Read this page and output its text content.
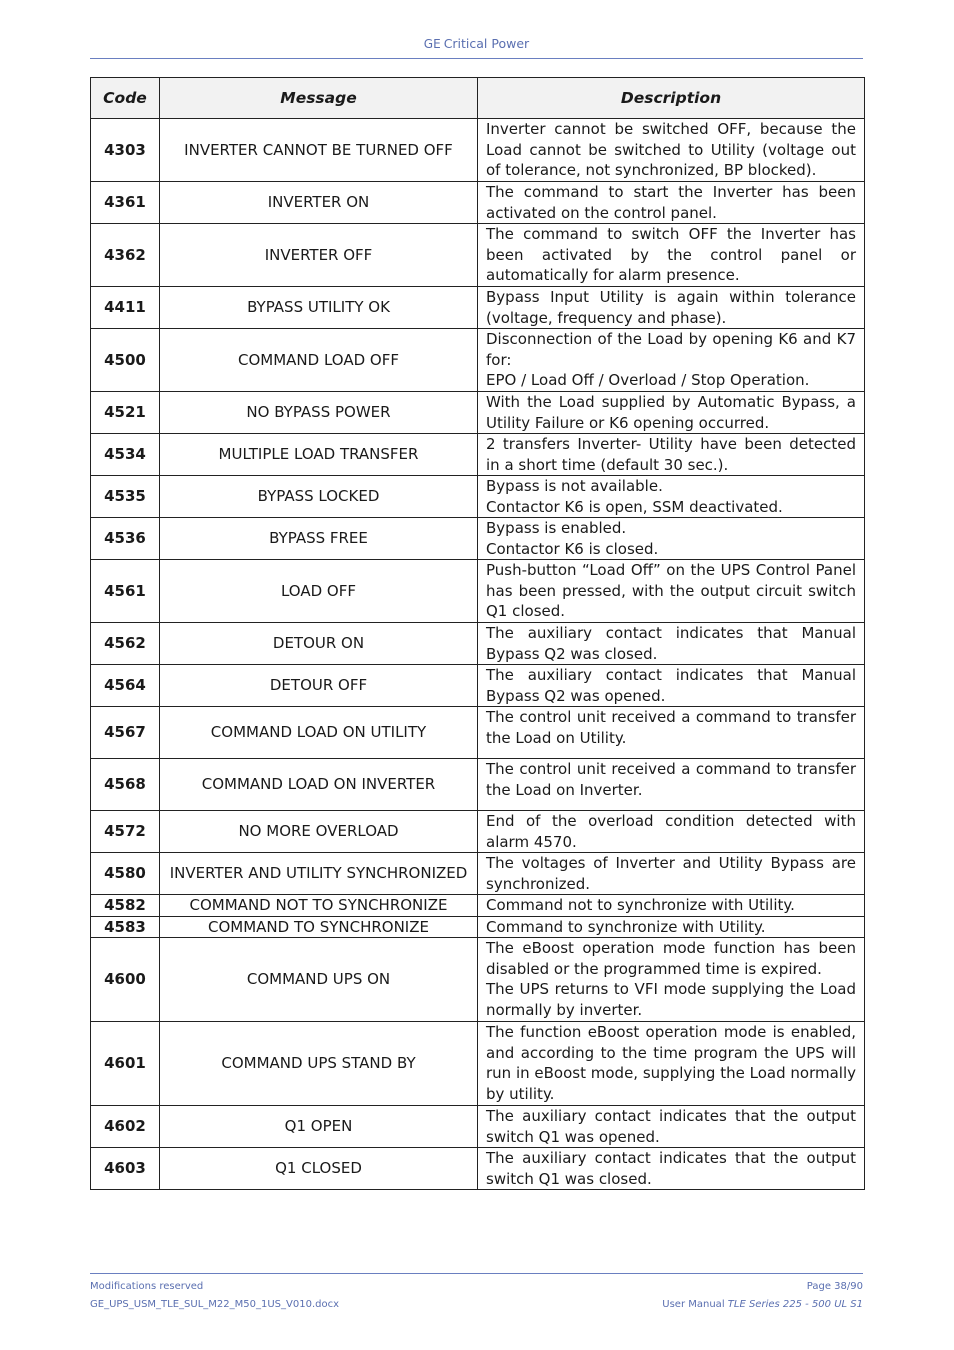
GE Critical Power
Code	Message	Description
4303	INVERTER CANNOT BE TURNED OFF	Inverter cannot be switched OFF, because the Load cannot be switched to Utility (voltage out of tolerance, not synchronized, BP blocked).

4361	INVERTER ON	The command to start the Inverter has been activated on the control panel.

4362	INVERTER OFF	The command to switch OFF the Inverter has been activated by the control panel or automatically for alarm presence.

4411	BYPASS UTILITY OK	Bypass Input Utility is again within tolerance (voltage, frequency and phase).

4500	COMMAND LOAD OFF	Disconnection of the Load by opening K6 and K7 for:
EPO / Load Off / Overload / Stop Operation.

4521	NO BYPASS POWER	With the Load supplied by Automatic Bypass, a Utility Failure or K6 opening occurred.

4534	MULTIPLE LOAD TRANSFER	2 transfers Inverter- Utility have been detected in a short time (default 30 sec.).

4535	BYPASS LOCKED	Bypass is not available.
Contactor K6 is open, SSM deactivated.

4536	BYPASS FREE	Bypass is enabled.
Contactor K6 is closed.

4561	LOAD OFF	Push-button “Load Off” on the UPS Control Panel has been pressed, with the output circuit switch Q1 closed.

4562	DETOUR ON	The auxiliary contact indicates that Manual Bypass Q2 was closed.

4564	DETOUR OFF	The auxiliary contact indicates that Manual Bypass Q2 was opened.

4567	COMMAND LOAD ON UTILITY	The control unit received a command to transfer the Load on Utility.

4568	COMMAND LOAD ON INVERTER	The control unit received a command to transfer the Load on Inverter.

4572	NO MORE OVERLOAD	End of the overload condition detected with alarm 4570.

4580	INVERTER AND UTILITY SYNCHRONIZED	The voltages of Inverter and Utility Bypass are synchronized.

4582	COMMAND NOT TO SYNCHRONIZE	Command not to synchronize with Utility.

4583	COMMAND TO SYNCHRONIZE	Command to synchronize with Utility.

4600	COMMAND UPS ON	The eBoost operation mode function has been disabled or the programmed time is expired.
The UPS returns to VFI mode supplying the Load normally by inverter.

4601	COMMAND UPS STAND BY	The function eBoost operation mode is enabled, and according to the time program the UPS will run in eBoost mode, supplying the Load normally by utility.

4602	Q1 OPEN	The auxiliary contact indicates that the output switch Q1 was opened.

4603	Q1 CLOSED	The auxiliary contact indicates that the output switch Q1 was closed.
Modifications reserved	Page 38/90
GE_UPS_USM_TLE_SUL_M22_M50_1US_V010.docx	User Manual TLE Series 225 - 500 UL S1
